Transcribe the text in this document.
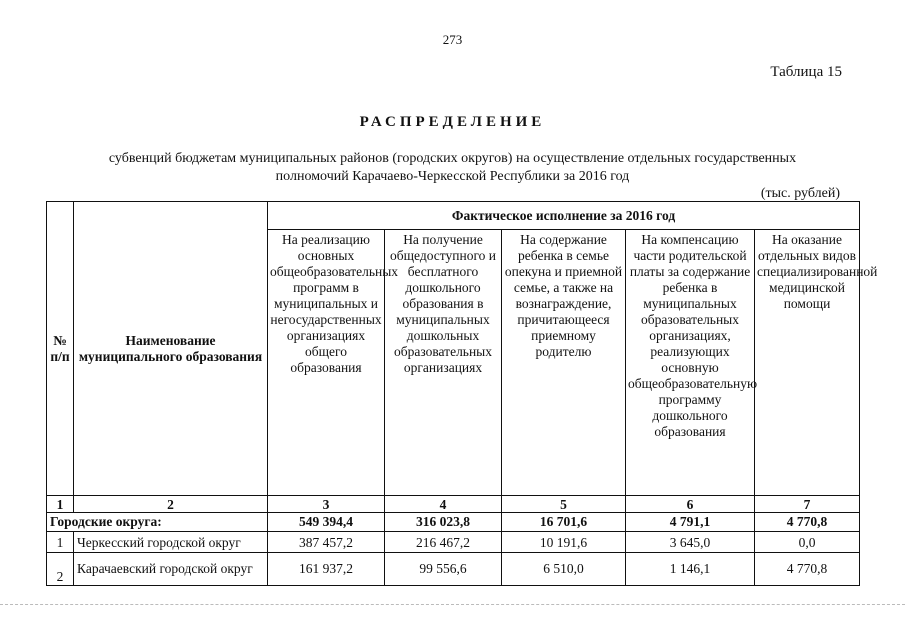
273
Таблица 15
РАСПРЕДЕЛЕНИЕ
субвенций бюджетам муниципальных районов (городских округов) на осуществление отдельных государственных
полномочий Карачаево-Черкесской Республики за 2016 год
(тыс. рублей)
№ п/п	Наименование муниципального образования	Фактическое исполнение за 2016 год				
		На реализацию основных общеобразовательных программ в муниципальных и негосударственных организациях общего образования	На получение общедоступного и бесплатного дошкольного образования в муниципальных дошкольных образовательных организациях	На содержание ребенка в семье опекуна и приемной семье, а также на вознаграждение, причитающееся приемному родителю	На компенсацию части родительской платы за содержание ребенка в муниципальных образовательных организациях, реализующих основную общеобразовательную программу дошкольного образования	На оказание отдельных видов специализированной медицинской помощи
1	2	3	4	5	6	7
Городские округа:		549 394,4	316 023,8	16 701,6	4 791,1	4 770,8
1	Черкесский городской округ	387 457,2	216 467,2	10 191,6	3 645,0	0,0
2	Карачаевский городской округ	161 937,2	99 556,6	6 510,0	1 146,1	4 770,8
